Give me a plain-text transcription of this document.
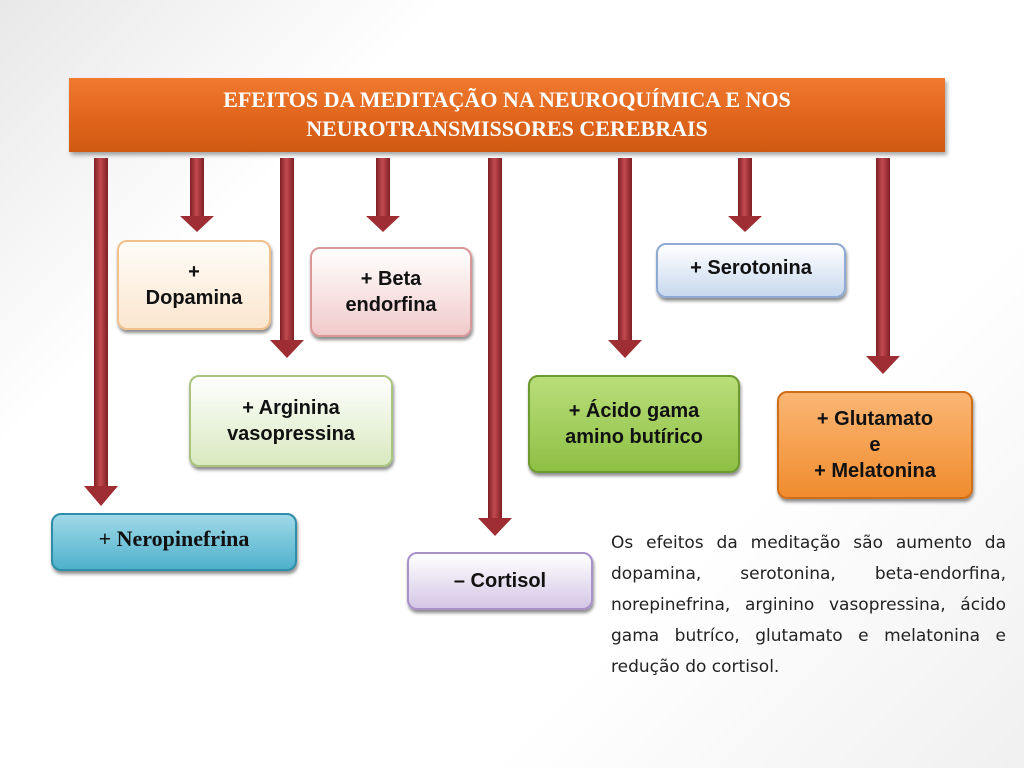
EFEITOS DA MEDITAÇÃO NA NEUROQUÍMICA E NOS
NEUROTRANSMISSORES CEREBRAIS
+
Dopamina
+ Beta
endorfina
+ Serotonina
+ Arginina
vasopressina
+ Ácido gama
amino butírico
+ Glutamato
e
+ Melatonina
+ Neropinefrina
– Cortisol
Os efeitos da meditação são aumento da dopamina, serotonina, beta-endorfina, norepinefrina, arginino vasopressina, ácido gama butríco, glutamato e melatonina e redução do cortisol.
